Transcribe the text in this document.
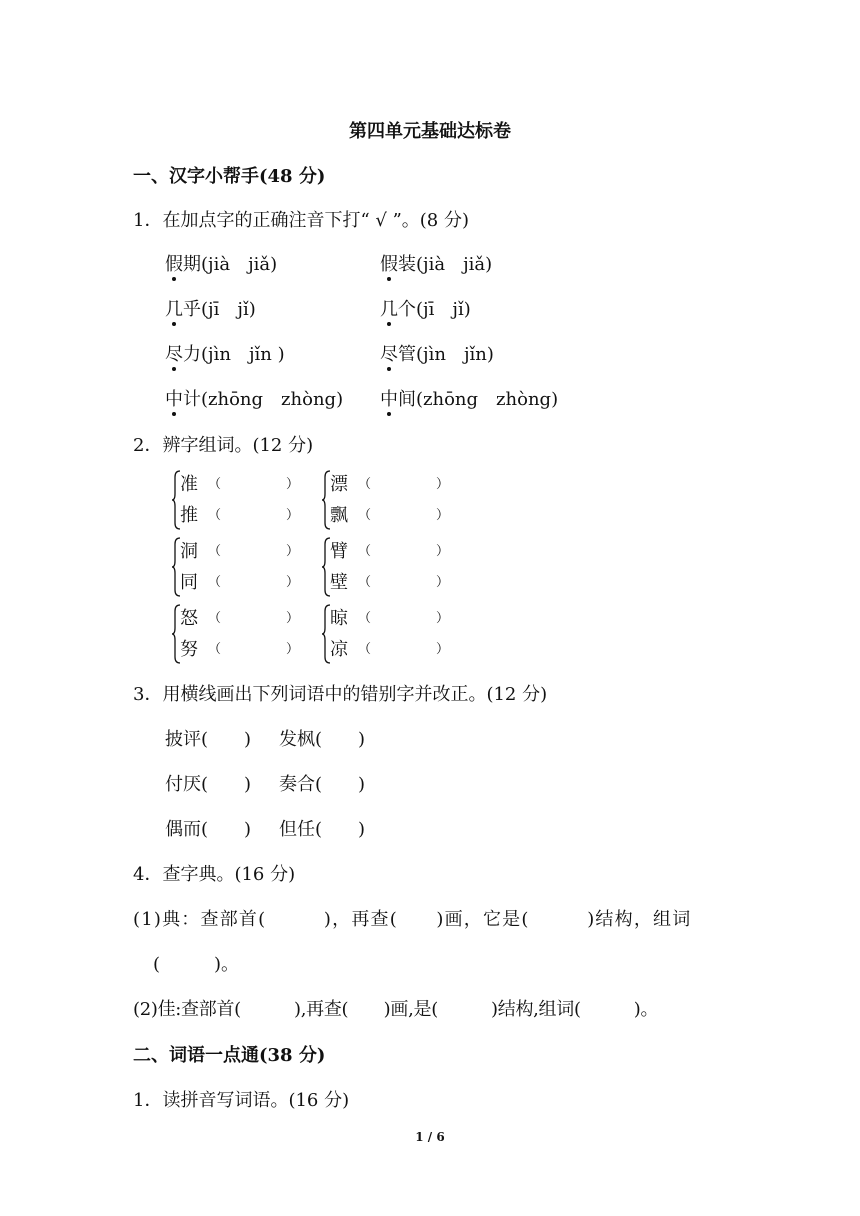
第四单元基础达标卷
一、汉字小帮手(48 分)
1．在加点字的正确注音下打“ √ ”。(8 分)
假期(jià　jiǎ)	假装(jià　jiǎ)
几乎(jī　jǐ)	几个(jī　jǐ)
尽力(jìn　jǐn )	尽管(jìn　jǐn)
中计(zhōng　zhòng) 中间(zhōng　zhòng)
2．辨字组词。(12 分)
准 （	）
推 （	）
漂 （	）
飘 （	）
洞 （	）
同 （	）
臂 （	）
壁 （	）
怒 （	）
努 （	）
晾 （	）
凉 （	）
3．用横线画出下列词语中的错别字并改正。(12 分)
披评(　　) 发枫(　　)
付厌(　　) 奏合(　　)
偶而(　　) 但任(　　)
4．查字典。(16 分)
(1)典：查部首(　　　)，再查(　　)画，它是(　　　)结构，组词
(　　　)。
(2)佳:查部首(　　　),再查(　　)画,是(　　　)结构,组词(　　　)。
二、词语一点通(38 分)
1．读拼音写词语。(16 分)
1 / 6
